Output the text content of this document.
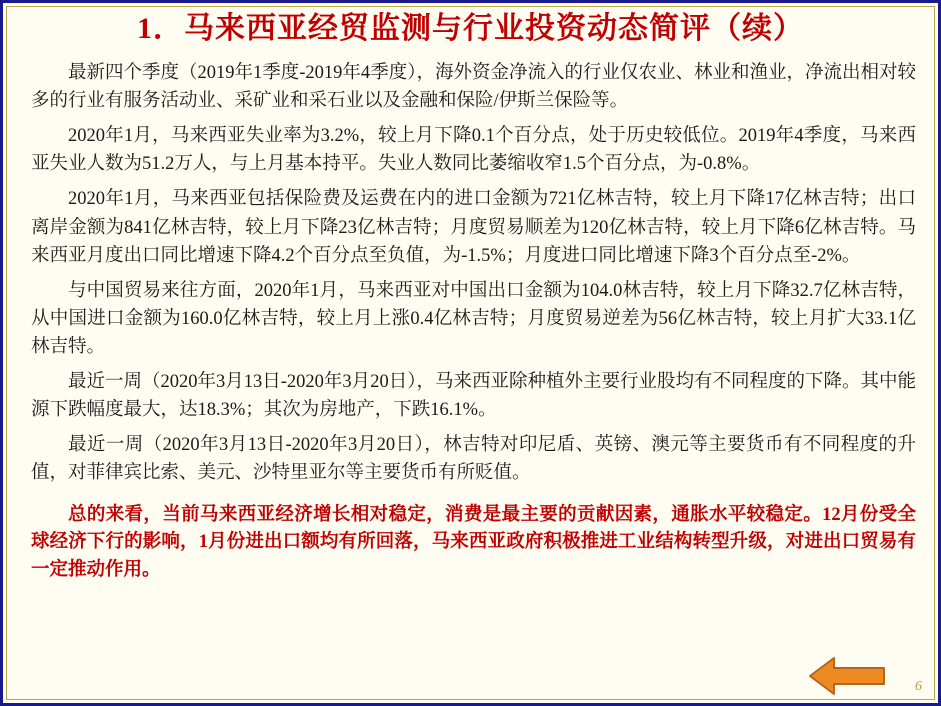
1．马来西亚经贸监测与行业投资动态简评（续）

最新四个季度（2019年1季度-2019年4季度），海外资金净流入的行业仅农业、林业和渔业，净流出相对较多的行业有服务活动业、采矿业和采石业以及金融和保险/伊斯兰保险等。

2020年1月，马来西亚失业率为3.2%，较上月下降0.1个百分点，处于历史较低位。2019年4季度，马来西亚失业人数为51.2万人，与上月基本持平。失业人数同比萎缩收窄1.5个百分点，为-0.8%。

2020年1月，马来西亚包括保险费及运费在内的进口金额为721亿林吉特，较上月下降17亿林吉特；出口离岸金额为841亿林吉特，较上月下降23亿林吉特；月度贸易顺差为120亿林吉特，较上月下降6亿林吉特。马来西亚月度出口同比增速下降4.2个百分点至负值，为-1.5%；月度进口同比增速下降3个百分点至-2%。

与中国贸易来往方面，2020年1月，马来西亚对中国出口金额为104.0林吉特，较上月下降32.7亿林吉特，从中国进口金额为160.0亿林吉特，较上月上涨0.4亿林吉特；月度贸易逆差为56亿林吉特，较上月扩大33.1亿林吉特。

最近一周（2020年3月13日-2020年3月20日），马来西亚除种植外主要行业股均有不同程度的下降。其中能源下跌幅度最大，达18.3%；其次为房地产，下跌16.1%。

最近一周（2020年3月13日-2020年3月20日），林吉特对印尼盾、英镑、澳元等主要货币有不同程度的升值，对菲律宾比索、美元、沙特里亚尔等主要货币有所贬值。

总的来看，当前马来西亚经济增长相对稳定，消费是最主要的贡献因素，通胀水平较稳定。12月份受全球经济下行的影响，1月份进出口额均有所回落，马来西亚政府积极推进工业结构转型升级，对进出口贸易有一定推动作用。

6
